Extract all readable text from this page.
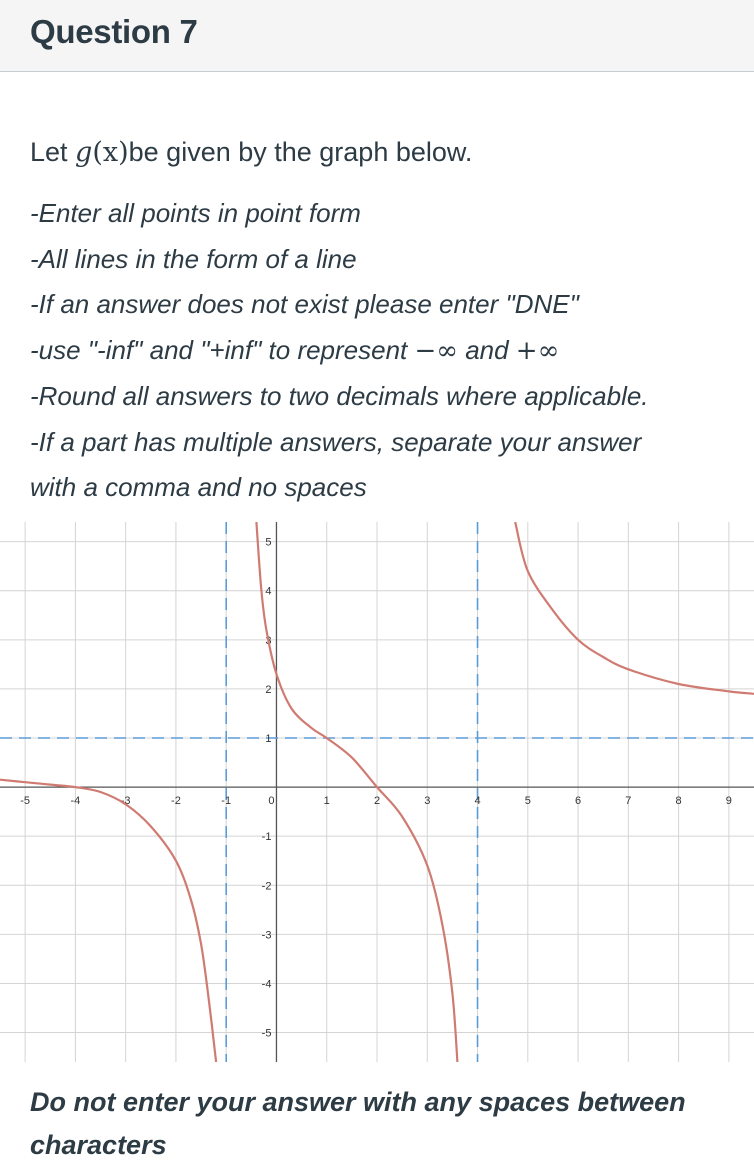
Question 7

Let g(x)be given by the graph below.

-Enter all points in point form

-All lines in the form of a line

-If an answer does not exist please enter "DNE"

-use "-inf" and "+inf" to represent −∞ and +∞

-Round all answers to two decimals where applicable.

-If a part has multiple answers, separate your answer

with a comma and no spaces

-5	-4	-3	-2	-1	0	1	2	3	4	5	6	7	8	9
-5
-4
-3
-2
-1
1
2
3
4
5
Do not enter your answer with any spaces between
characters
